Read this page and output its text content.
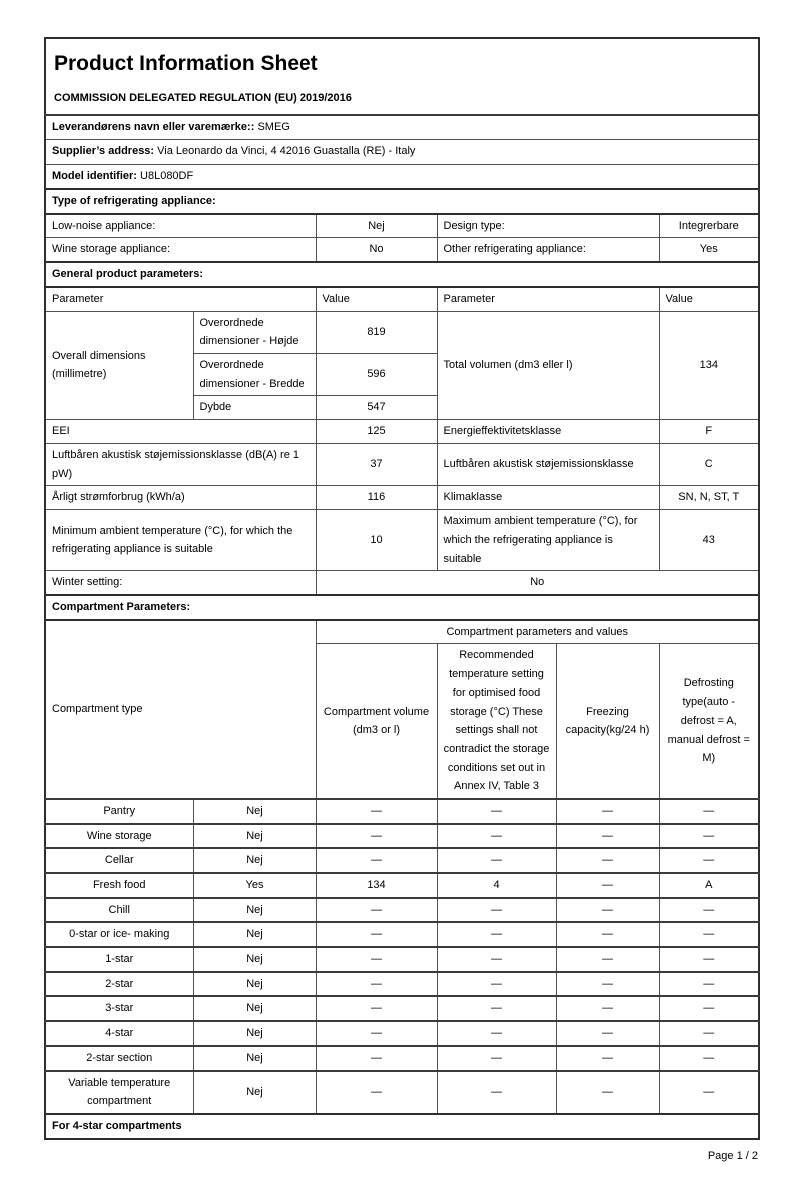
Product Information Sheet
COMMISSION DELEGATED REGULATION (EU) 2019/2016					

Leverandørens navn eller varemærke:: SMEG					
Supplier’s address: Via Leonardo da Vinci, 4 42016 Guastalla (RE) - Italy					
Model identifier: U8L080DF					
Type of refrigerating appliance:					
Low-noise appliance:		Nej	Design type:		Integrerbare
Wine storage appliance:		No	Other refrigerating appliance:		Yes
General product parameters:					
Parameter		Value	Parameter		Value
Overall dimensions (millimetre)	Overordnede dimensioner - Højde	819	Total volumen (dm3 eller l)		134
	Overordnede dimensioner - Bredde	596			
	Dybde	547			
EEI		125	Energieffektivitetsklasse		F
Luftbåren akustisk støjemissionsklasse (dB(A) re 1 pW)		37	Luftbåren akustisk støjemissionsklasse		C
Årligt strømforbrug (kWh/a)		116	Klimaklasse		SN, N, ST, T
Minimum ambient temperature (°C), for which the refrigerating appliance is suitable		10	Maximum ambient temperature (°C), for which the refrigerating appliance is suitable		43
Winter setting:		No			
Compartment Parameters:					
Compartment type		Compartment parameters and values			
		Compartment volume (dm3 or l)	Recommended temperature setting for optimised food storage (°C) These settings shall not contradict the storage conditions set out in Annex IV, Table 3	Freezing capacity(kg/24 h)	Defrosting type(auto - defrost = A, manual defrost = M)
Pantry	Nej	—	—	—	—
Wine storage	Nej	—	—	—	—
Cellar	Nej	—	—	—	—
Fresh food	Yes	134	4	—	A
Chill	Nej	—	—	—	—
0-star or ice- making	Nej	—	—	—	—
1-star	Nej	—	—	—	—
2-star	Nej	—	—	—	—
3-star	Nej	—	—	—	—
4-star	Nej	—	—	—	—
2-star section	Nej	—	—	—	—
Variable temperature compartment	Nej	—	—	—	—
For 4-star compartments					
Page 1 / 2
